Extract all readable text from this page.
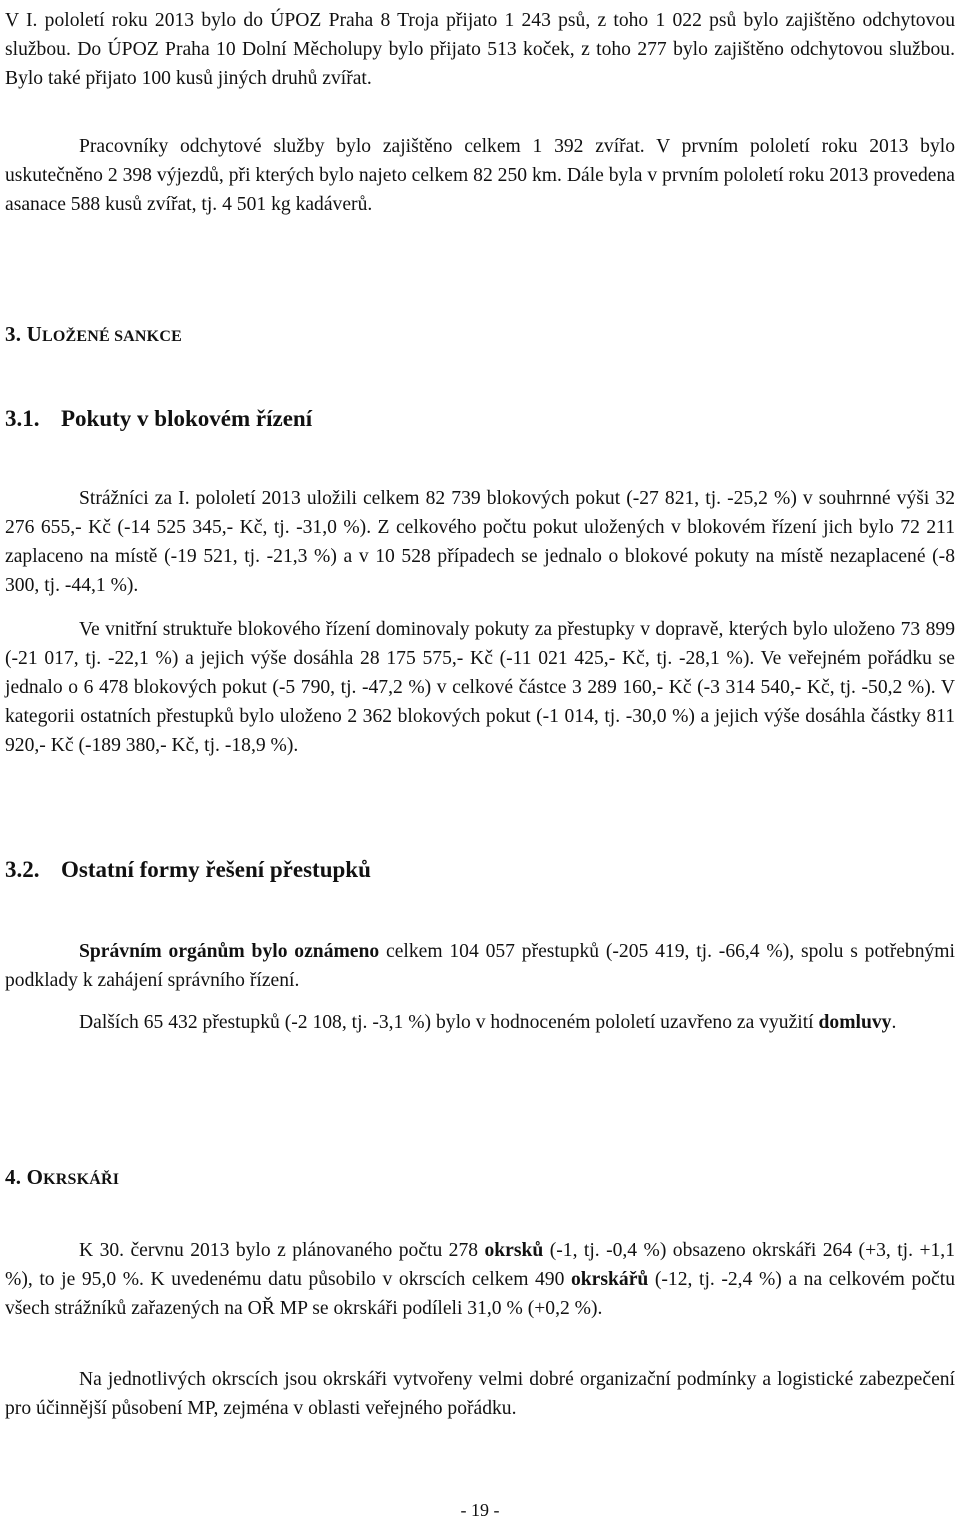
V I. pololetí roku 2013 bylo do ÚPOZ Praha 8 Troja přijato 1 243 psů, z toho 1 022 psů bylo zajištěno odchytovou službou. Do ÚPOZ Praha 10 Dolní Měcholupy bylo přijato 513 koček, z toho 277 bylo zajištěno odchytovou službou. Bylo také přijato 100 kusů jiných druhů zvířat.

Pracovníky odchytové služby bylo zajištěno celkem 1 392 zvířat. V prvním pololetí roku 2013 bylo uskutečněno 2 398 výjezdů, při kterých bylo najeto celkem 82 250 km. Dále byla v prvním pololetí roku 2013 provedena asanace 588 kusů zvířat, tj. 4 501 kg kadáverů.

3. ULOŽENÉ SANKCE
3.1. Pokuty v blokovém řízení

Strážníci za I. pololetí 2013 uložili celkem 82 739 blokových pokut (-27 821, tj. -25,2 %) v souhrnné výši 32 276 655,- Kč (-14 525 345,- Kč, tj. -31,0 %). Z celkového počtu pokut uložených v blokovém řízení jich bylo 72 211 zaplaceno na místě (-19 521, tj. -21,3 %) a v 10 528 případech se jednalo o blokové pokuty na místě nezaplacené (-8 300, tj. -44,1 %).

Ve vnitřní struktuře blokového řízení dominovaly pokuty za přestupky v dopravě, kterých bylo uloženo 73 899 (-21 017, tj. -22,1 %) a jejich výše dosáhla 28 175 575,- Kč (-11 021 425,- Kč, tj. -28,1 %). Ve veřejném pořádku se jednalo o 6 478 blokových pokut (-5 790, tj. -47,2 %) v celkové částce 3 289 160,- Kč (-3 314 540,- Kč, tj. -50,2 %). V kategorii ostatních přestupků bylo uloženo 2 362 blokových pokut (-1 014, tj. -30,0 %) a jejich výše dosáhla částky 811 920,- Kč (-189 380,- Kč, tj. -18,9 %).

3.2. Ostatní formy řešení přestupků

Správním orgánům bylo oznámeno celkem 104 057 přestupků (-205 419, tj. -66,4 %), spolu s potřebnými podklady k zahájení správního řízení.

Dalších 65 432 přestupků (-2 108, tj. -3,1 %) bylo v hodnoceném pololetí uzavřeno za využití domluvy.

4. OKRSKÁŘI

K 30. červnu 2013 bylo z plánovaného počtu 278 okrsků (-1, tj. -0,4 %) obsazeno okrskáři 264 (+3, tj. +1,1 %), to je 95,0 %. K uvedenému datu působilo v okrscích celkem 490 okrskářů (-12, tj. -2,4 %) a na celkovém počtu všech strážníků zařazených na OŘ MP se okrskáři podíleli 31,0 % (+0,2 %).

Na jednotlivých okrscích jsou okrskáři vytvořeny velmi dobré organizační podmínky a logistické zabezpečení pro účinnější působení MP, zejména v oblasti veřejného pořádku.

- 19 -
